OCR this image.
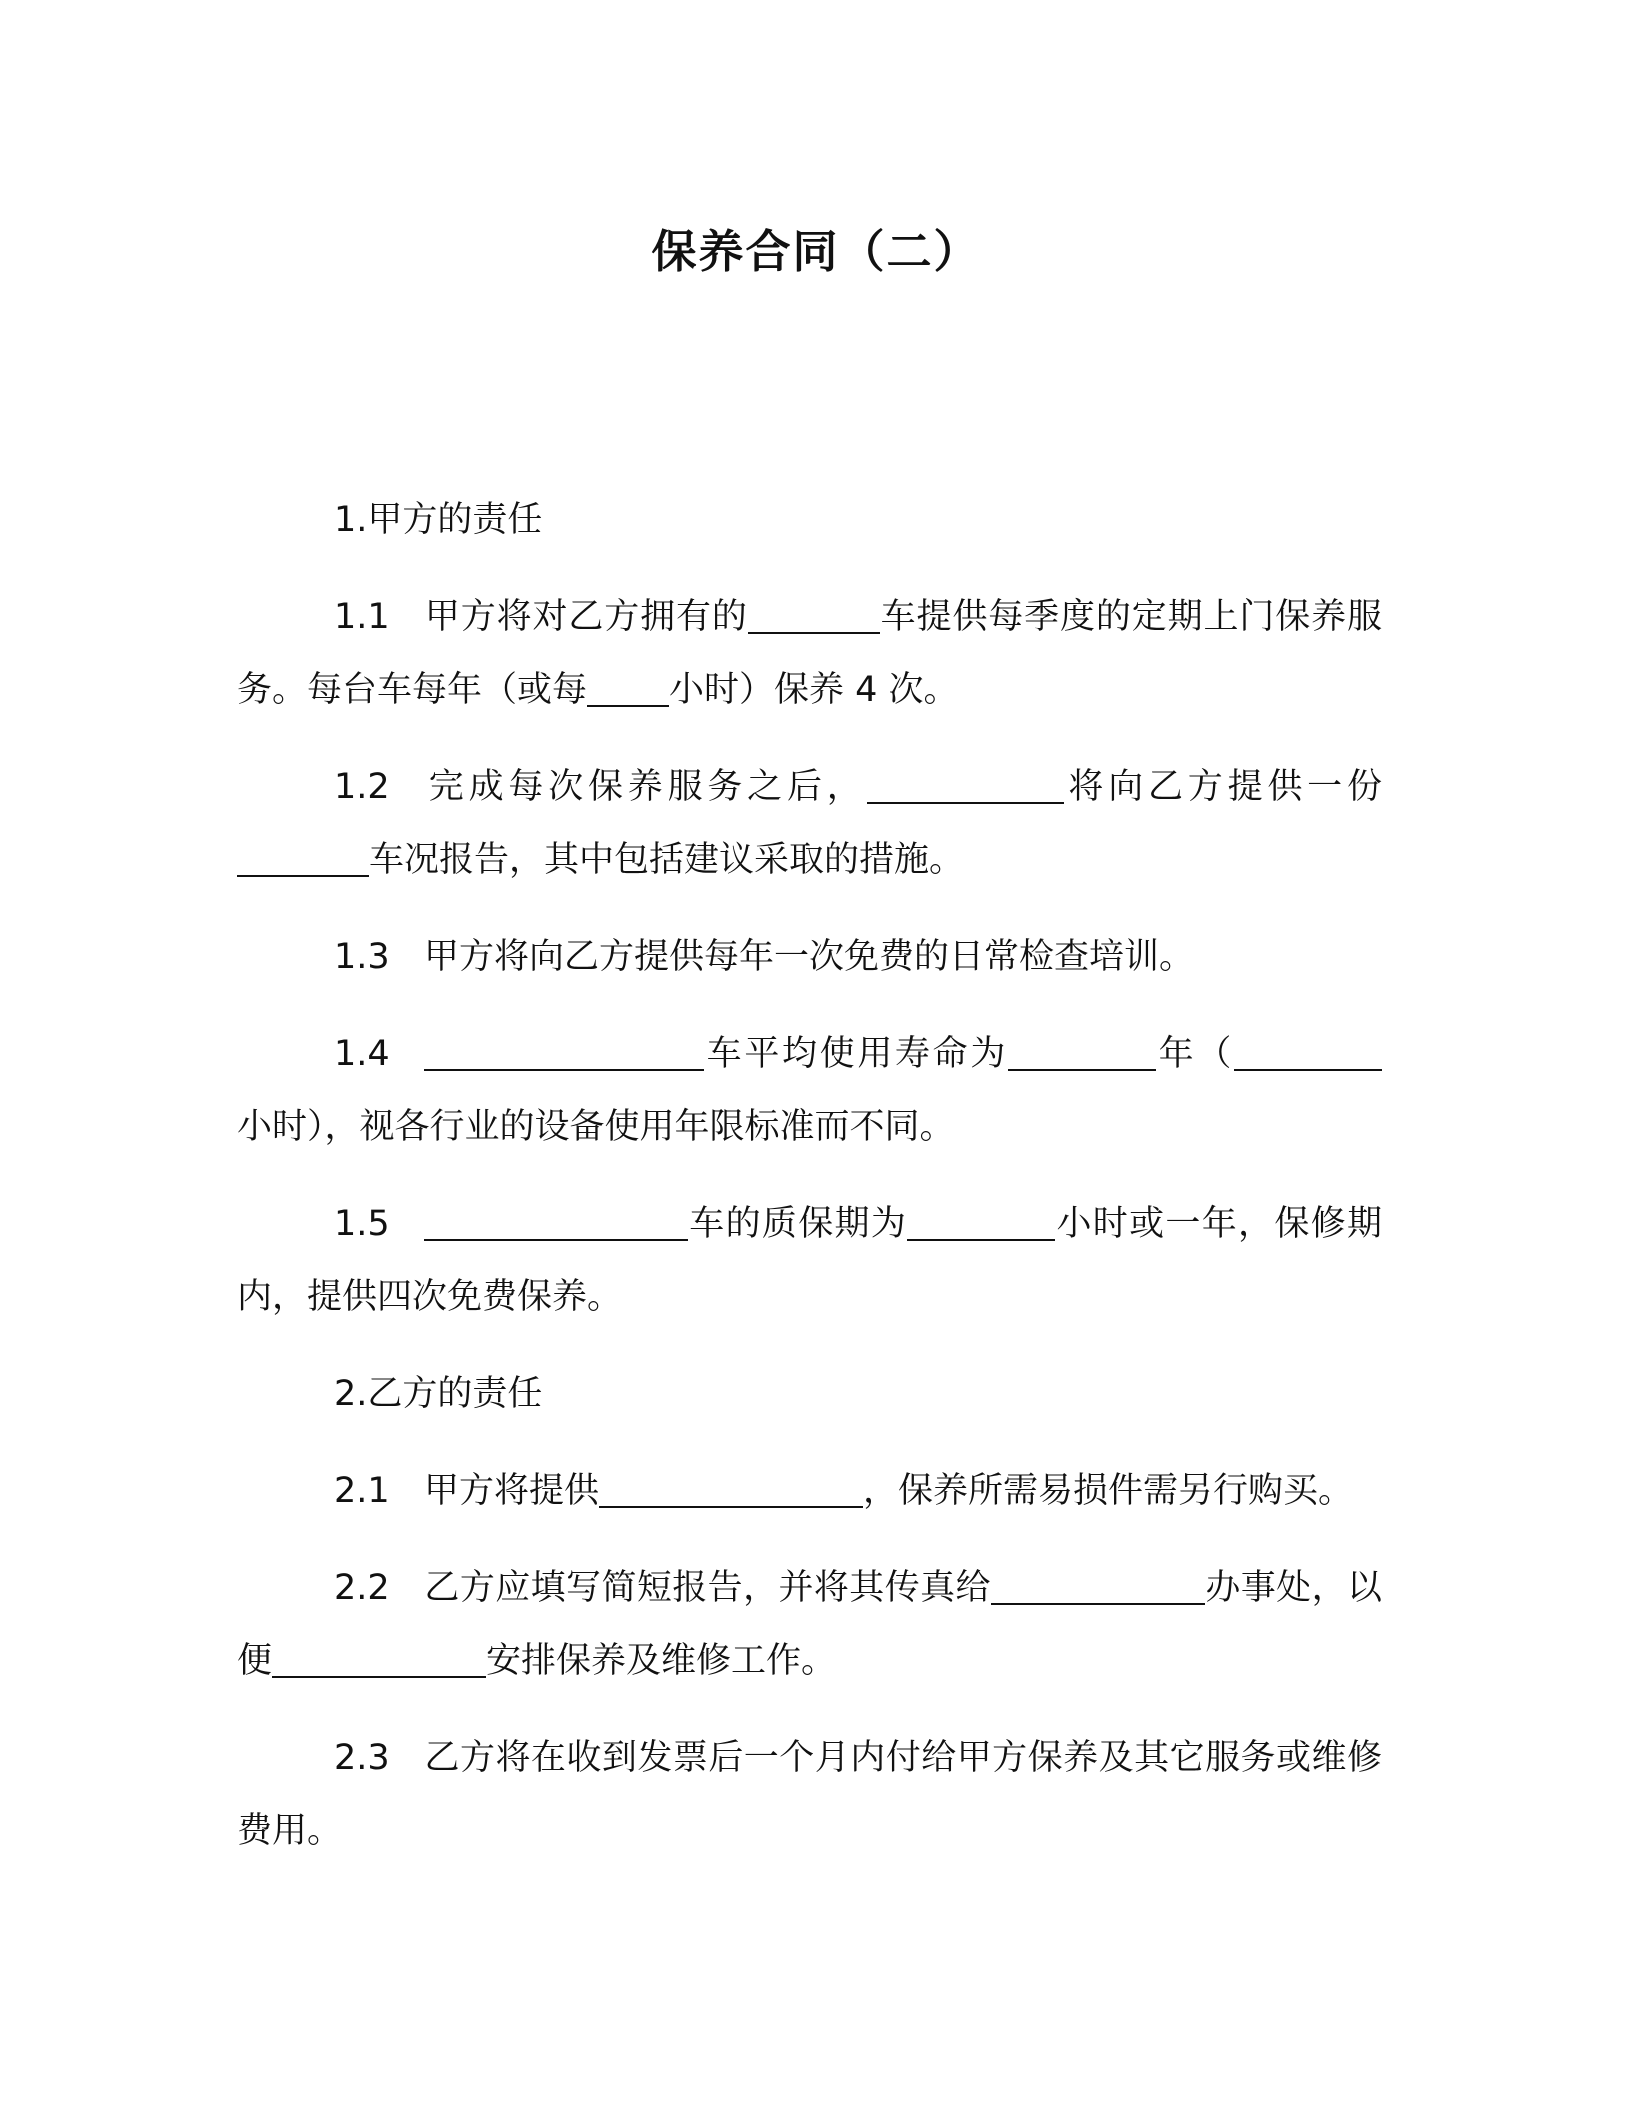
保养合同（二）

1.甲方的责任

1.1 甲方将对乙方拥有的	车提供每季度的定期上门保养服务。每台车每年（或每 小时）保养 4 次。

1.2 完成每次保养服务之后，	将向乙方提供一份车况报告，其中包括建议采取的措施。

1.3 甲方将向乙方提供每年一次免费的日常检查培训。

1.4	车平均使用寿命为	年（小时），视各行业的设备使用年限标准而不同。

1.5	车的质保期为	小时或一年，保修期内，提供四次免费保养。

2.乙方的责任

2.1 甲方将提供	，保养所需易损件需另行购买。

2.2 乙方应填写简短报告，并将其传真给	办事处，以便	安排保养及维修工作。

2.3 乙方将在收到发票后一个月内付给甲方保养及其它服务或维修费用。
